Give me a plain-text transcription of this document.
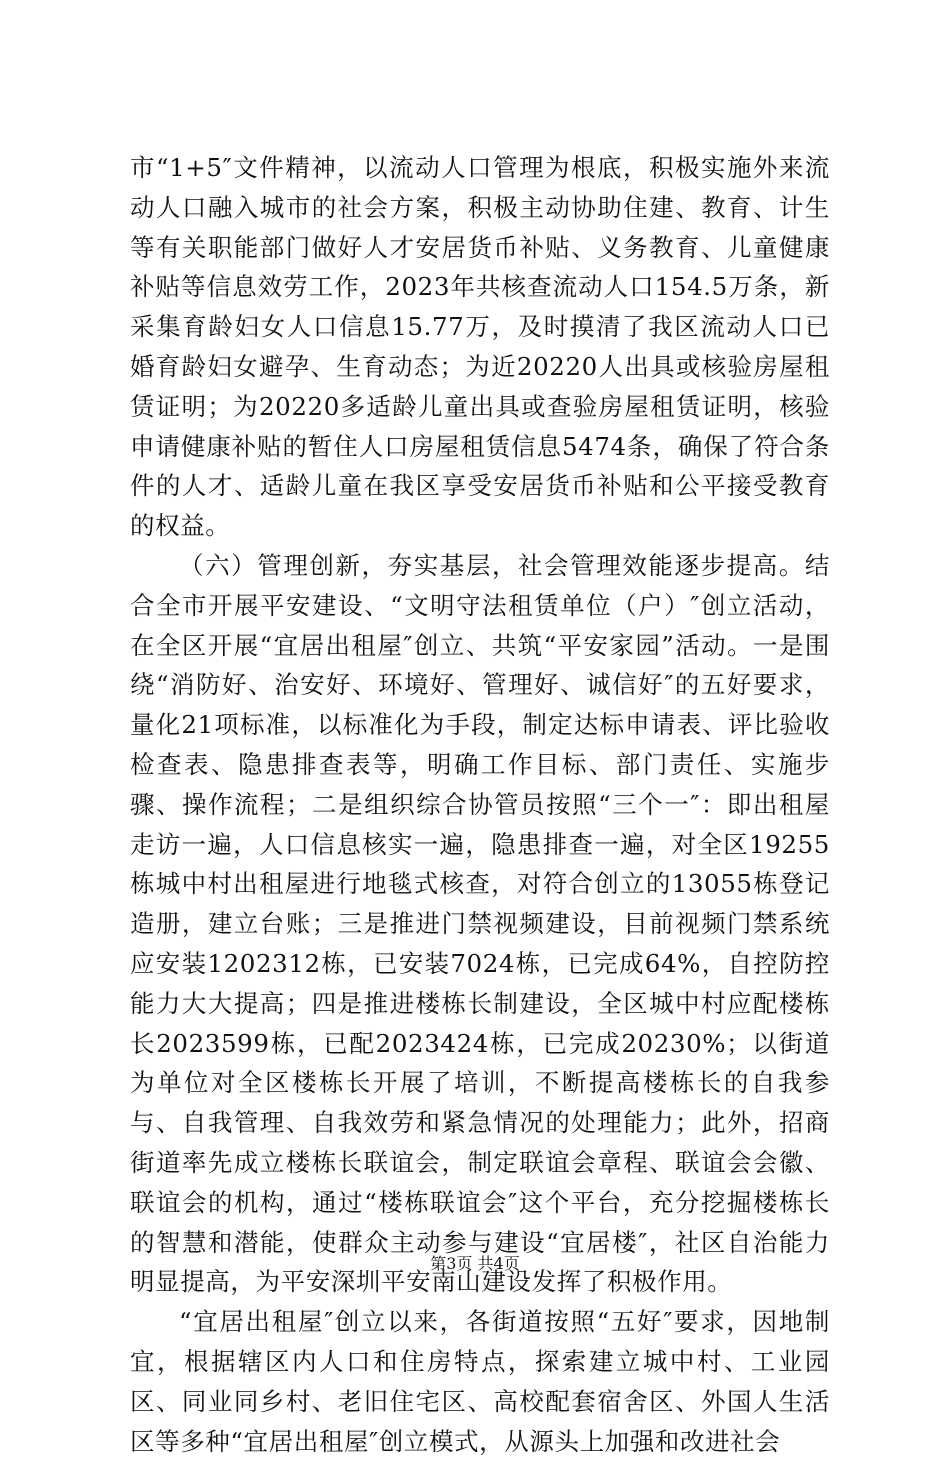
市“1+5″文件精神，以流动人口管理为根底，积极实施外来流动人口融入城市的社会方案，积极主动协助住建、教育、计生等有关职能部门做好人才安居货币补贴、义务教育、儿童健康补贴等信息效劳工作，2023年共核查流动人口154.5万条，新采集育龄妇女人口信息15.77万，及时摸清了我区流动人口已婚育龄妇女避孕、生育动态；为近20220人出具或核验房屋租赁证明；为20220多适龄儿童出具或查验房屋租赁证明，核验申请健康补贴的暂住人口房屋租赁信息5474条，确保了符合条件的人才、适龄儿童在我区享受安居货币补贴和公平接受教育的权益。

（六）管理创新，夯实基层，社会管理效能逐步提高。结合全市开展平安建设、“文明守法租赁单位（户）″创立活动，在全区开展“宜居出租屋″创立、共筑“平安家园”活动。一是围绕“消防好、治安好、环境好、管理好、诚信好″的五好要求，量化21项标准，以标准化为手段，制定达标申请表、评比验收检查表、隐患排查表等，明确工作目标、部门责任、实施步骤、操作流程；二是组织综合协管员按照“三个一″：即出租屋走访一遍，人口信息核实一遍，隐患排查一遍，对全区19255栋城中村出租屋进行地毯式核查，对符合创立的13055栋登记造册，建立台账；三是推进门禁视频建设，目前视频门禁系统应安装1202312栋，已安装7024栋，已完成64%，自控防控能力大大提高；四是推进楼栋长制建设，全区城中村应配楼栋长2023599栋，已配2023424栋，已完成20230%；以街道为单位对全区楼栋长开展了培训，不断提高楼栋长的自我参与、自我管理、自我效劳和紧急情况的处理能力；此外，招商街道率先成立楼栋长联谊会，制定联谊会章程、联谊会会徽、联谊会的机构，通过“楼栋联谊会″这个平台，充分挖掘楼栋长的智慧和潜能，使群众主动参与建设“宜居楼″，社区自治能力明显提高，为平安深圳平安南山建设发挥了积极作用。

“宜居出租屋″创立以来，各街道按照“五好″要求，因地制宜，根据辖区内人口和住房特点，探索建立城中村、工业园区、同业同乡村、老旧住宅区、高校配套宿舍区、外国人生活区等多种“宜居出租屋″创立模式，从源头上加强和改进社会

第3页 共4页
